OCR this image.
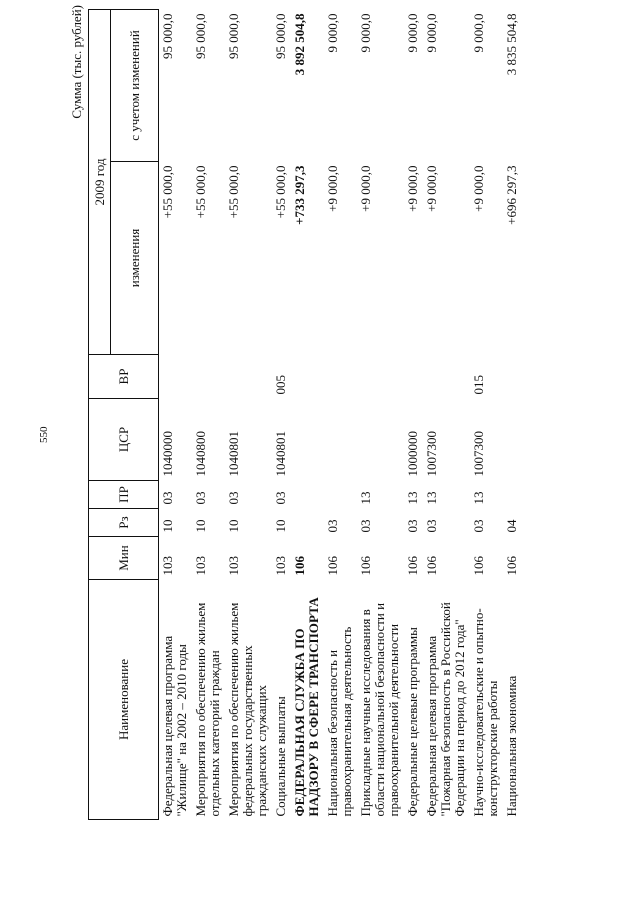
550
Сумма (тыс. рублей)
Наименование	Мин	Рз	ПР	ЦСР	ВР	2009 год	
						изменения	с учетом изменений
Федеральная целевая программа "Жилище" на 2002 – 2010 годы	103	10	03	1040000		+55 000,0	95 000,0
Мероприятия по обеспечению жильем отдельных категорий граждан	103	10	03	1040800		+55 000,0	95 000,0
Мероприятия по обеспечению жильем федеральных государственных гражданских служащих	103	10	03	1040801		+55 000,0	95 000,0
Социальные выплаты	103	10	03	1040801	005	+55 000,0	95 000,0
ФЕДЕРАЛЬНАЯ СЛУЖБА ПО НАДЗОРУ В СФЕРЕ ТРАНСПОРТА	106					+733 297,3	3 892 504,8
Национальная безопасность и правоохранительная деятельность	106	03				+9 000,0	9 000,0
Прикладные научные исследования в области национальной безопасности и правоохранительной деятельности	106	03	13			+9 000,0	9 000,0
Федеральные целевые программы	106	03	13	1000000		+9 000,0	9 000,0
Федеральная целевая программа "Пожарная безопасность в Российской Федерации на период до 2012 года"	106	03	13	1007300		+9 000,0	9 000,0
Научно-исследовательские и опытно-конструкторские работы	106	03	13	1007300	015	+9 000,0	9 000,0
Национальная экономика	106	04				+696 297,3	3 835 504,8
